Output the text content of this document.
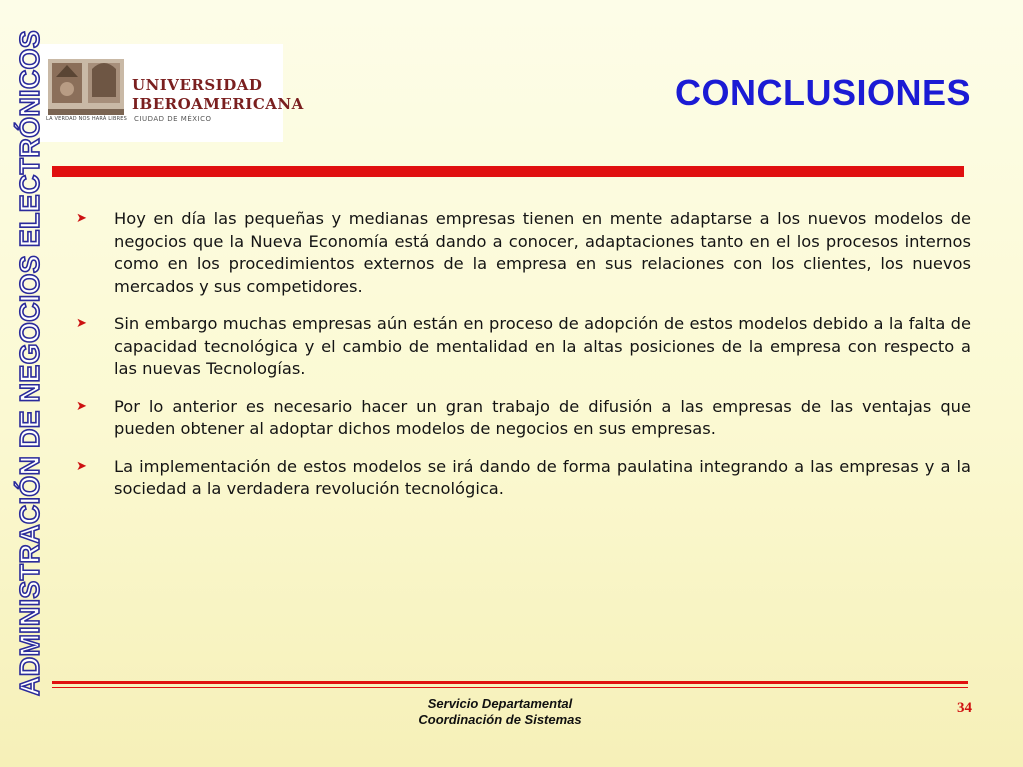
ADMINISTRACIÓN DE NEGOCIOS ELECTRÓNICOS LA VERDAD NOS HARÁ LIBRES
UNIVERSIDAD
IBEROAMERICANA
CIUDAD DE MÉXICO
CONCLUSIONES
➤ Hoy en día las pequeñas y medianas empresas tienen en mente adaptarse a los nuevos modelos de negocios que la Nueva Economía está dando a conocer, adaptaciones tanto en el los procesos internos como en los procedimientos externos de la empresa en sus relaciones con los clientes, los nuevos mercados y sus competidores.
➤ Sin embargo muchas empresas aún están en proceso de adopción de estos modelos debido a la falta de capacidad tecnológica y el cambio de mentalidad en la altas posiciones de la empresa con respecto a las nuevas Tecnologías.
➤ Por lo anterior es necesario hacer un gran trabajo de difusión a las empresas de las ventajas que pueden obtener al adoptar dichos modelos de negocios en sus empresas.
➤ La implementación de estos modelos se irá dando de forma paulatina integrando a las empresas y a la sociedad a la verdadera revolución tecnológica.
Servicio Departamental
Coordinación de Sistemas
34
